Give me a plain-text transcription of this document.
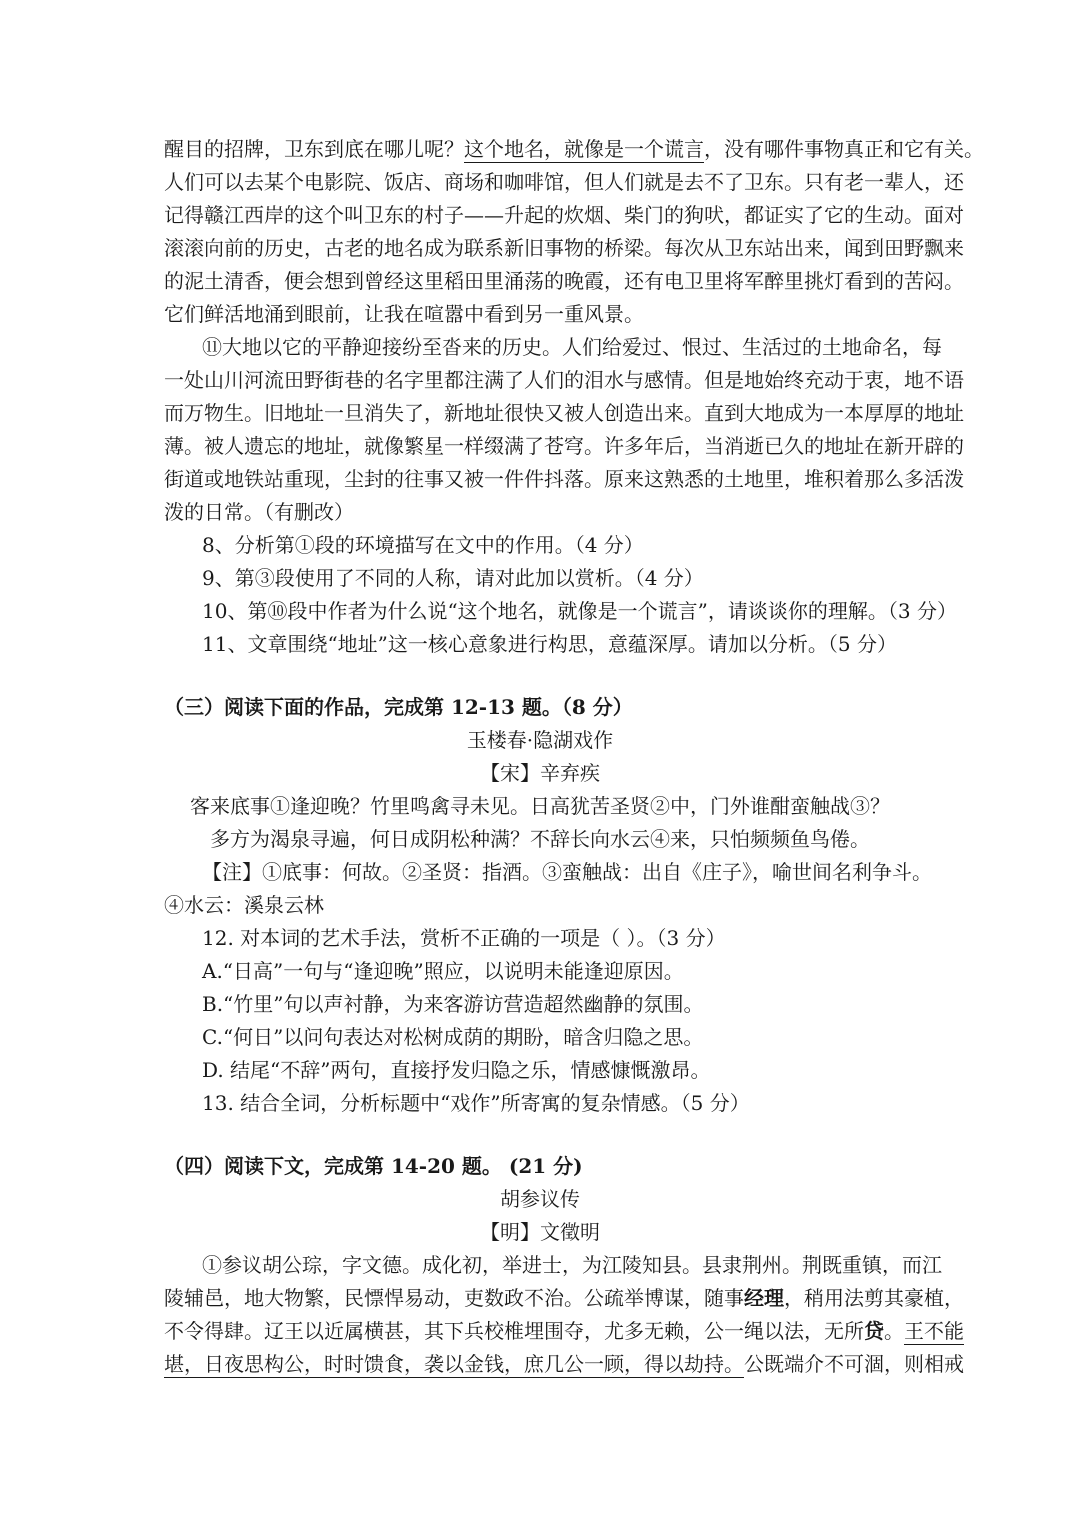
醒目的招牌，卫东到底在哪儿呢？这个地名，就像是一个谎言，没有哪件事物真正和它有关。
人们可以去某个电影院、饭店、商场和咖啡馆，但人们就是去不了卫东。只有老一辈人，还
记得赣江西岸的这个叫卫东的村子——升起的炊烟、柴门的狗吠，都证实了它的生动。面对
滚滚向前的历史，古老的地名成为联系新旧事物的桥梁。每次从卫东站出来，闻到田野飘来
的泥土清香，便会想到曾经这里稻田里涌荡的晚霞，还有电卫里将军醉里挑灯看到的苦闷。
它们鲜活地涌到眼前，让我在喧嚣中看到另一重风景。
⑪大地以它的平静迎接纷至沓来的历史。人们给爱过、恨过、生活过的土地命名，每
一处山川河流田野街巷的名字里都注满了人们的泪水与感情。但是地始终充动于衷，地不语
而万物生。旧地址一旦消失了，新地址很快又被人创造出来。直到大地成为一本厚厚的地址
薄。被人遗忘的地址，就像繁星一样缀满了苍穹。许多年后，当消逝已久的地址在新开辟的
街道或地铁站重现，尘封的往事又被一件件抖落。原来这熟悉的土地里，堆积着那么多活泼
泼的日常。（有删改）
8、分析第①段的环境描写在文中的作用。（4 分）
9、第③段使用了不同的人称，请对此加以赏析。（4 分）
10、第⑩段中作者为什么说“这个地名，就像是一个谎言”，请谈谈你的理解。（3 分）
11、文章围绕“地址”这一核心意象进行构思，意蕴深厚。请加以分析。（5 分）
（三）阅读下面的作品，完成第 12-13 题。（8 分）
玉楼春·隐湖戏作
【宋】辛弃疾
客来底事①逢迎晚？竹里鸣禽寻未见。日高犹苦圣贤②中，门外谁酣蛮触战③？
多方为渴泉寻遍，何日成阴松种满？不辞长向水云④来，只怕频频鱼鸟倦。
【注】①底事：何故。②圣贤：指酒。③蛮触战：出自《庄子》，喻世间名利争斗。
④水云：溪泉云林
12. 对本词的艺术手法，赏析不正确的一项是（ ）。（3 分）
A.“日高”一句与“逢迎晚”照应，以说明未能逢迎原因。
B.“竹里”句以声衬静，为来客游访营造超然幽静的氛围。
C.“何日”以问句表达对松树成荫的期盼，暗含归隐之思。
D. 结尾“不辞”两句，直接抒发归隐之乐，情感慷慨激昂。
13. 结合全词，分析标题中“戏作”所寄寓的复杂情感。（5 分）
（四）阅读下文，完成第 14-20 题。 (21 分)
胡参议传
【明】文徵明
①参议胡公琮，字文德。成化初，举进士，为江陵知县。县隶荆州。荆既重镇，而江
陵辅邑，地大物繁，民慓悍易动，吏数政不治。公疏举博谋，随事经理，稍用法剪其豪植，
不令得肆。辽王以近属横甚，其下兵校椎埋围夺，尤多无赖，公一绳以法，无所贷。王不能
堪，日夜思构公，时时馈食，袭以金钱，庶几公一顾，得以劫持。公既端介不可涸，则相戒
